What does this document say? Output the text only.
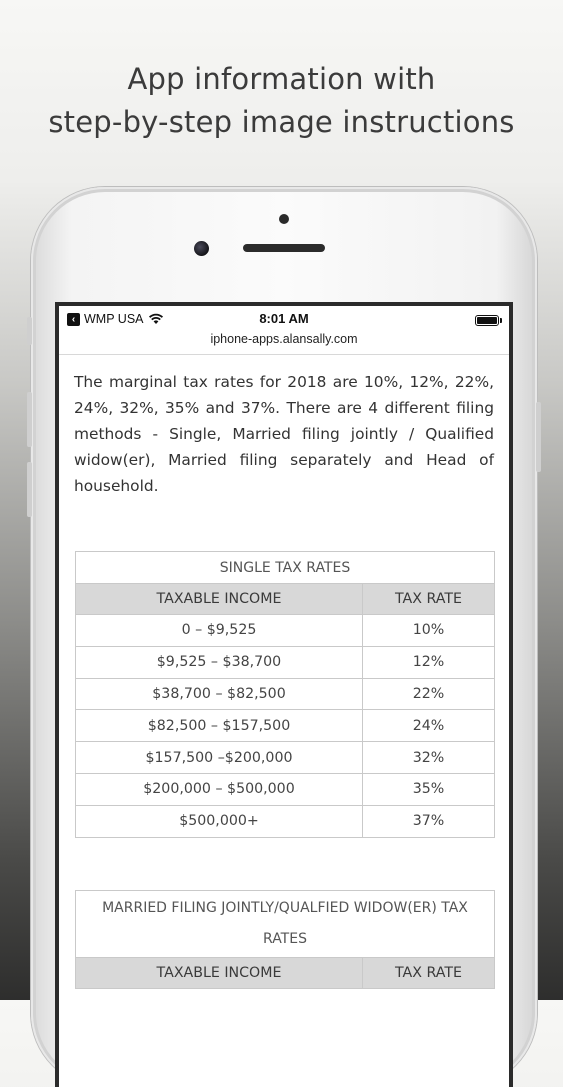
App information with
step-by-step image instructions
‹ WMP USA	8:01 AM
iphone-apps.alansally.com

The marginal tax rates for 2018 are 10%, 12%, 22%, 24%, 32%, 35% and 37%. There are 4 different filing methods - Single, Married filing jointly / Qualified widow(er), Married filing separately and Head of household.

SINGLE TAX RATES	
TAXABLE INCOME	TAX RATE
0 – $9,525	10%
$9,525 – $38,700	12%
$38,700 – $82,500	22%
$82,500 – $157,500	24%
$157,500 –$200,000	32%
$200,000 – $500,000	35%
$500,000+	37%
MARRIED FILING JOINTLY/QUALFIED WIDOW(ER) TAX RATES
TAXABLE INCOME	TAX RATE
